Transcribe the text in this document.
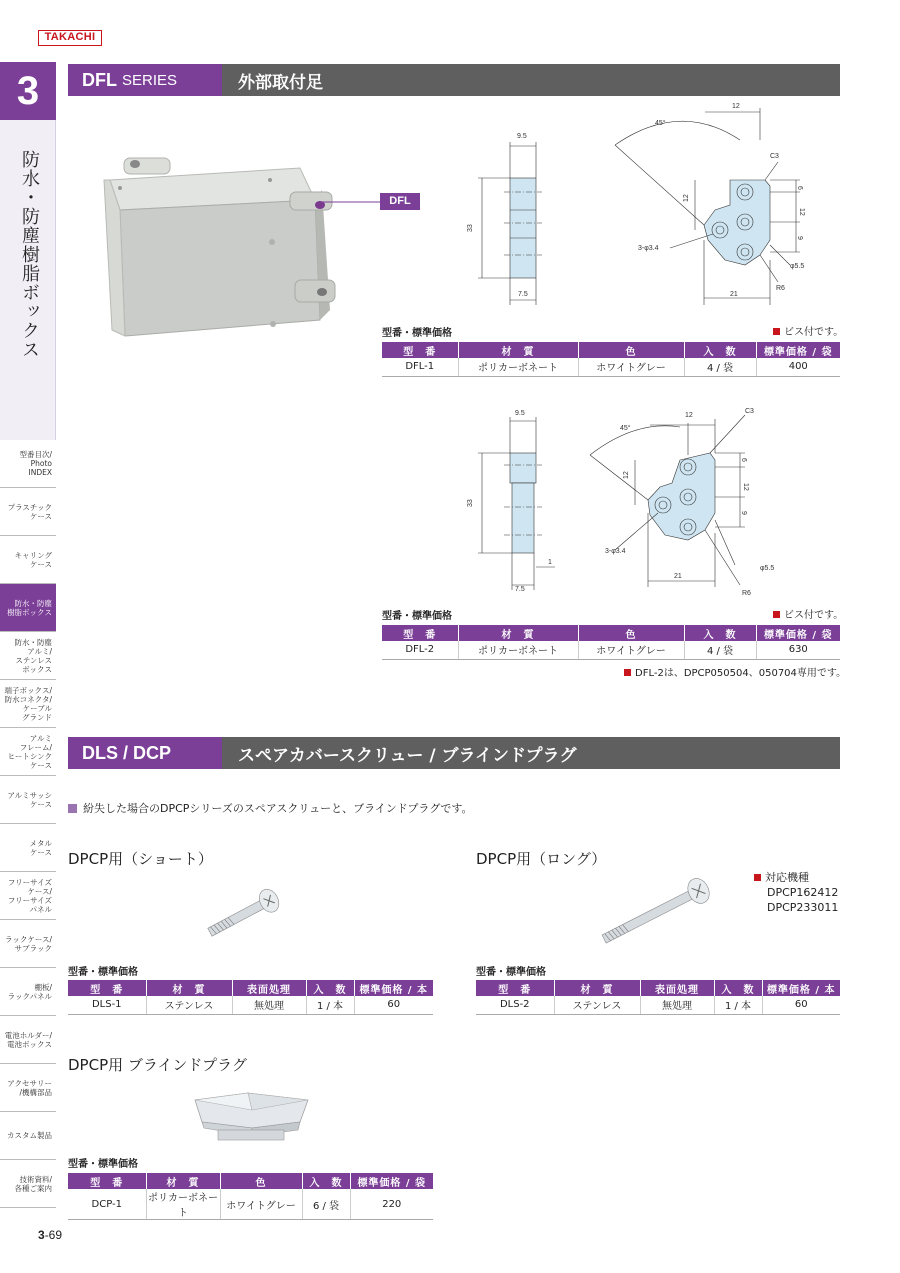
TAKACHI
3
防水・防塵樹脂ボックス
型番目次/
Photo
INDEX
プラスチック
ケース
キャリング
ケース
防水・防塵
樹脂ボックス
防水・防塵
アルミ/
ステンレス
ボックス
端子ボックス/
防水コネクタ/
ケーブル
グランド
アルミ
フレーム/
ヒートシンク
ケース
アルミサッシ
ケース
メタル
ケース
フリーサイズ
ケース/
フリーサイズ
パネル
ラックケース/
サブラック
棚板/
ラックパネル
電池ホルダー/
電池ボックス
アクセサリー
/機構部品
カスタム製品
技術資料/
各種ご案内
3-69
DFL SERIES	外部取付足
DFL
9.5
33
7.5
45°
12
12
6
12
9
21
C3
3-φ3.4
φ5.5
R6
型番・標準価格	ビス付です。
型　番	材　質	色	入　数	標準価格 / 袋
DFL-1	ポリカーボネート	ホワイトグレー	4 / 袋	400
9.5
33
7.5
1
45°
12
12
6
12
9
21
C3
3-φ3.4
φ5.5
R6
型番・標準価格	ビス付です。
型　番	材　質	色	入　数	標準価格 / 袋
DFL-2	ポリカーボネート	ホワイトグレー	4 / 袋	630
DFL-2は、DPCP050504、050704専用です。
DLS / DCP	スペアカバースクリュー / ブラインドプラグ
紛失した場合のDPCPシリーズのスペアスクリューと、ブラインドプラグです。
DPCP用（ショート）	DPCP用（ロング）
対応機種
DPCP162412
DPCP233011
型番・標準価格
型　番	材　質	表面処理	入　数	標準価格 / 本
DLS-1	ステンレス	無処理	1 / 本	60
型番・標準価格
型　番	材　質	表面処理	入　数	標準価格 / 本
DLS-2	ステンレス	無処理	1 / 本	60
DPCP用 ブラインドプラグ
型番・標準価格
型　番	材　質	色	入　数	標準価格 / 袋
DCP-1	ポリカーボネート	ホワイトグレー	6 / 袋	220
